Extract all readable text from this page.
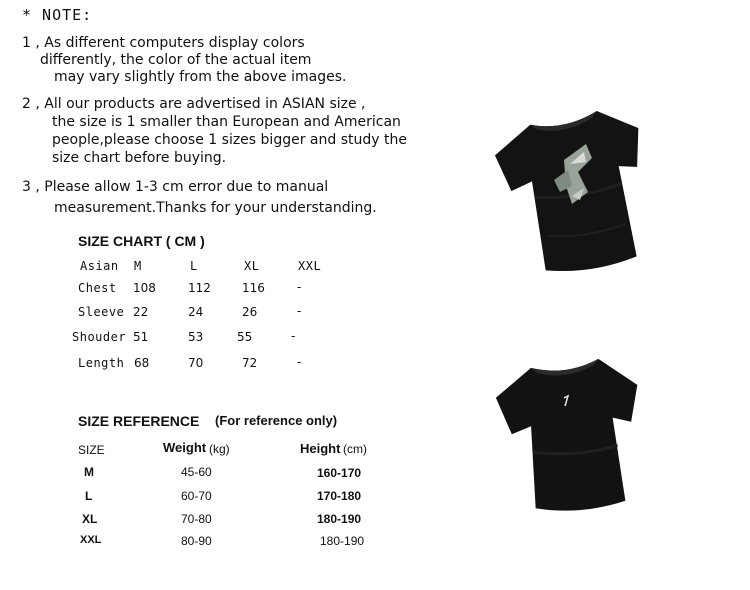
* NOTE:
1 , As different computers display colors
differently, the color of the actual item
may vary slightly from the above images.
2 , All our products are advertised in ASIAN size ,
the size is 1 smaller than European and American
people,please choose 1 sizes bigger and study the
size chart before buying.
3 , Please allow 1-3 cm error due to manual
measurement.Thanks for your understanding.
SIZE CHART ( CM )
Asian M	L	XL	XXL
Chest 108	112	116	-
Sleeve 22	24	26	-
Shouder 51	53	55	-
Length 68	70	72	-
SIZE REFERENCE (For reference only)
SIZE	Weight (kg)	Height (cm)
M	45-60	160-170
L	60-70	170-180
XL	70-80	180-190
XXL	80-90	180-190
